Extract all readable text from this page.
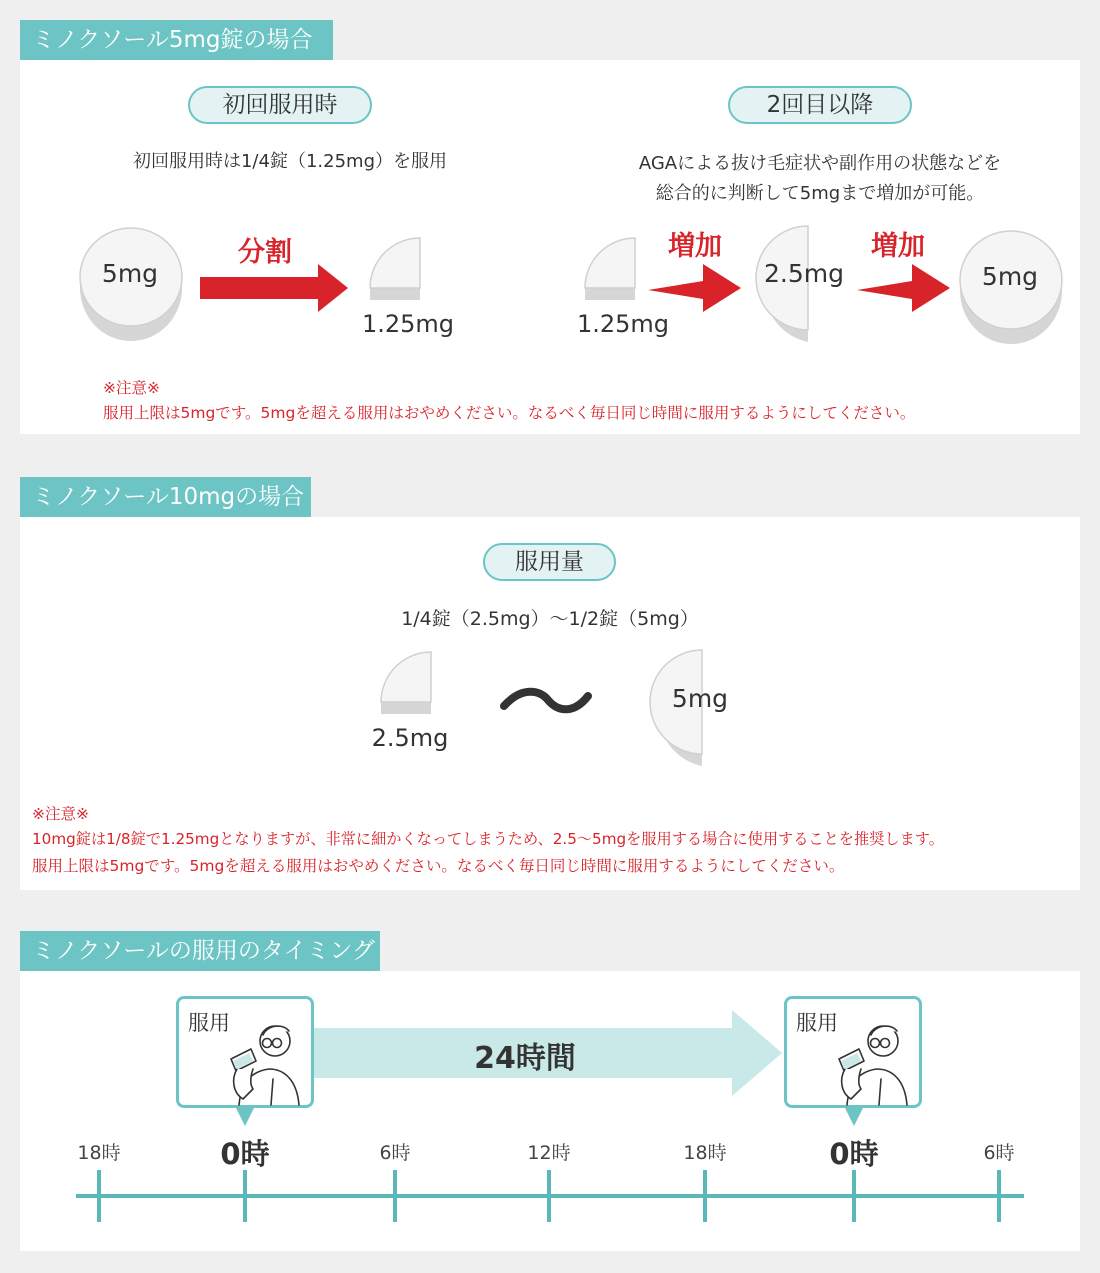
ミノクソール5mg錠の場合
初回服用時
初回服用時は1/4錠（1.25mg）を服用
2回目以降
AGAによる抜け毛症状や副作用の状態などを
総合的に判断して5mgまで増加が可能。
5mg
分割
1.25mg	1.25mg
増加
2.5mg
増加
5mg
※注意※
服用上限は5mgです。5mgを超える服用はおやめください。なるべく毎日同じ時間に服用するようにしてください。
ミノクソール10mgの場合
服用量
1/4錠（2.5mg）〜1/2錠（5mg）
2.5mg
5mg
※注意※
10mg錠は1/8錠で1.25mgとなりますが、非常に細かくなってしまうため、2.5〜5mgを服用する場合に使用することを推奨します。
服用上限は5mgです。5mgを超える服用はおやめください。なるべく毎日同じ時間に服用するようにしてください。
ミノクソールの服用のタイミング
24時間
服用	服用
18時	0時	6時	12時	18時	0時	6時
